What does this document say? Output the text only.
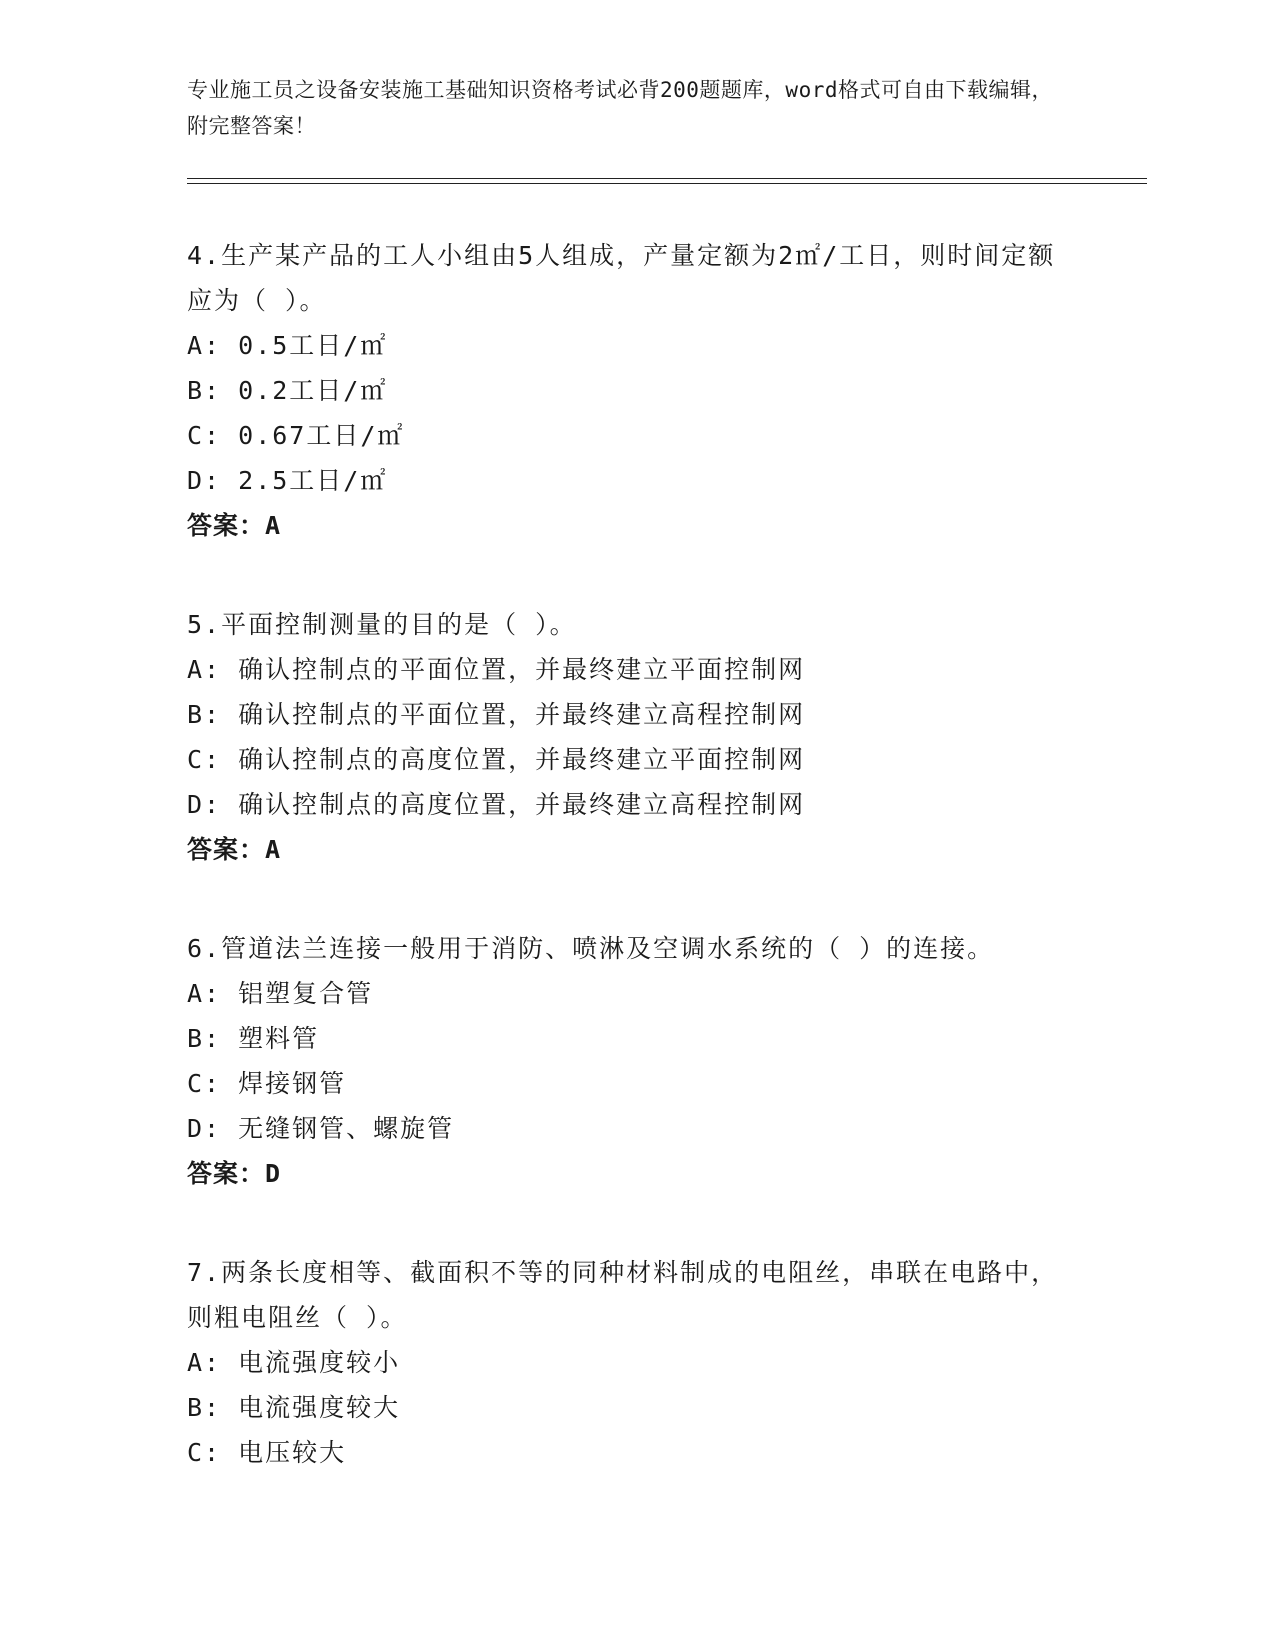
专业施工员之设备安装施工基础知识资格考试必背200题题库，word格式可自由下载编辑，附完整答案！
4.生产某产品的工人小组由5人组成，产量定额为2㎡/工日，则时间定额应为（ ）。
A: 0.5工日/㎡
B: 0.2工日/㎡
C: 0.67工日/㎡
D: 2.5工日/㎡
答案：A
5.平面控制测量的目的是（ ）。
A: 确认控制点的平面位置，并最终建立平面控制网
B: 确认控制点的平面位置，并最终建立高程控制网
C: 确认控制点的高度位置，并最终建立平面控制网
D: 确认控制点的高度位置，并最终建立高程控制网
答案：A
6.管道法兰连接一般用于消防、喷淋及空调水系统的（ ）的连接。
A: 铝塑复合管
B: 塑料管
C: 焊接钢管
D: 无缝钢管、螺旋管
答案：D
7.两条长度相等、截面积不等的同种材料制成的电阻丝，串联在电路中，则粗电阻丝（ ）。
A: 电流强度较小
B: 电流强度较大
C: 电压较大
